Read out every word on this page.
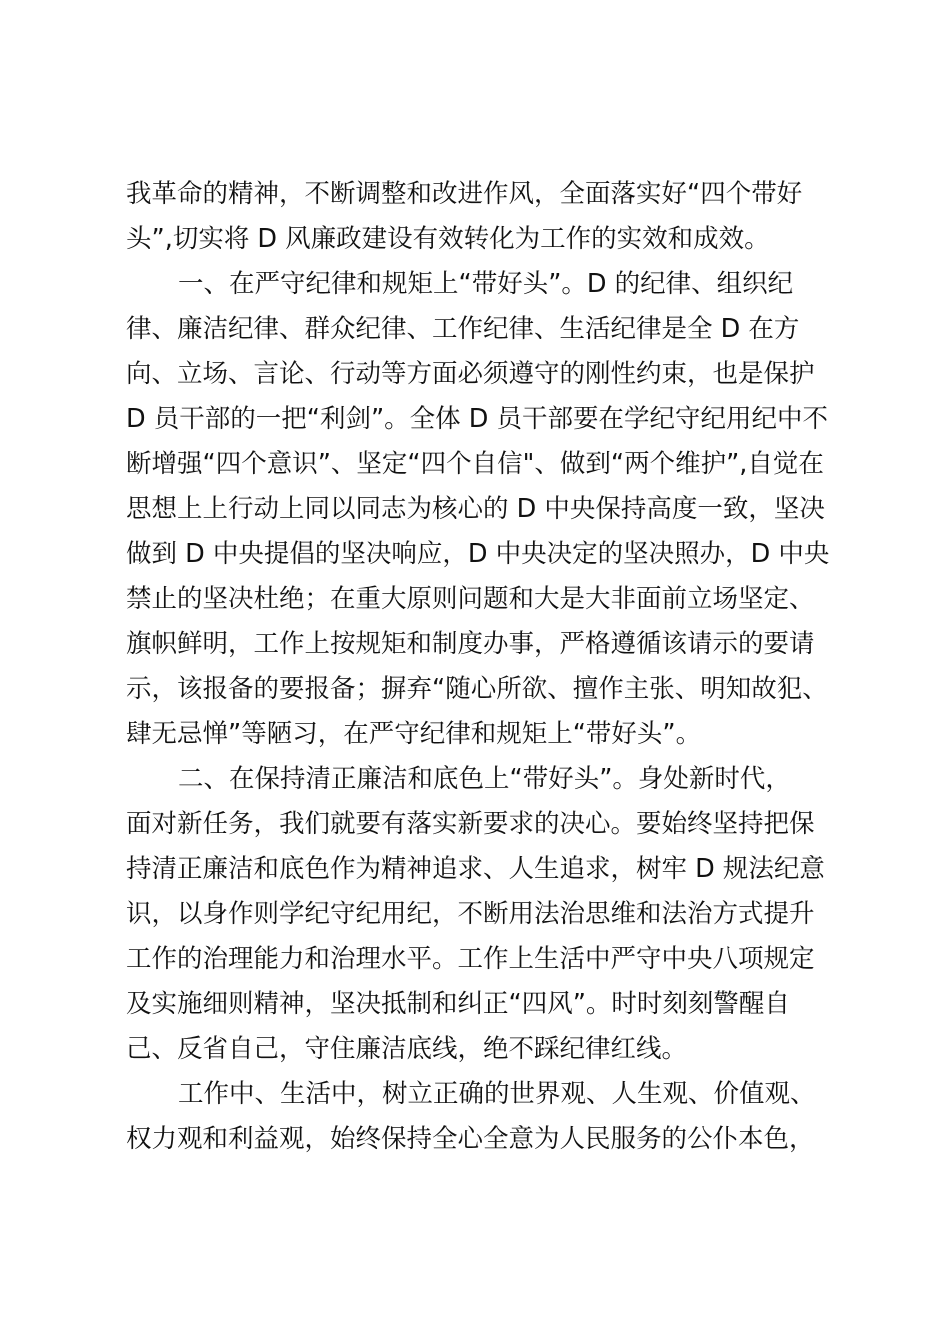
我革命的精神，不断调整和改进作风，全面落实好“四个带好
头”,切实将 D 风廉政建设有效转化为工作的实效和成效。
一、在严守纪律和规矩上“带好头”。D 的纪律、组织纪
律、廉洁纪律、群众纪律、工作纪律、生活纪律是全 D 在方
向、立场、言论、行动等方面必须遵守的刚性约束，也是保护
D 员干部的一把“利剑”。全体 D 员干部要在学纪守纪用纪中不
断增强“四个意识”、坚定“四个自信"、做到“两个维护”,自觉在
思想上上行动上同以同志为核心的 D 中央保持高度一致，坚决
做到 D 中央提倡的坚决响应，D 中央决定的坚决照办，D 中央
禁止的坚决杜绝；在重大原则问题和大是大非面前立场坚定、
旗帜鲜明，工作上按规矩和制度办事，严格遵循该请示的要请
示，该报备的要报备；摒弃“随心所欲、擅作主张、明知故犯、
肆无忌惮”等陋习，在严守纪律和规矩上“带好头”。
二、在保持清正廉洁和底色上“带好头”。身处新时代，
面对新任务，我们就要有落实新要求的决心。要始终坚持把保
持清正廉洁和底色作为精神追求、人生追求，树牢 D 规法纪意
识，以身作则学纪守纪用纪，不断用法治思维和法治方式提升
工作的治理能力和治理水平。工作上生活中严守中央八项规定
及实施细则精神，坚决抵制和纠正“四风”。时时刻刻警醒自
己、反省自己，守住廉洁底线，绝不踩纪律红线。
工作中、生活中，树立正确的世界观、人生观、价值观、
权力观和利益观，始终保持全心全意为人民服务的公仆本色，
